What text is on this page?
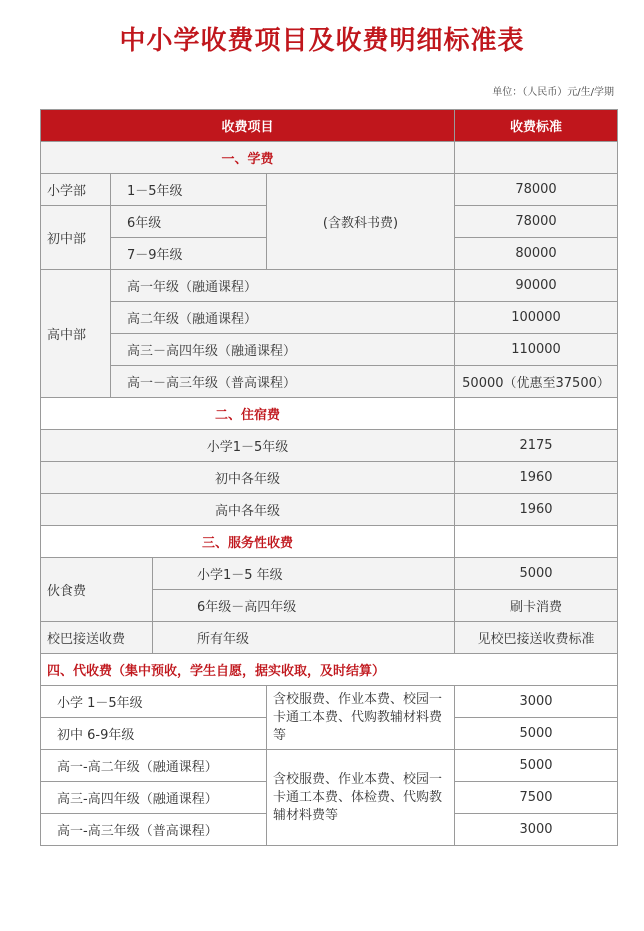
中小学收费项目及收费明细标准表
单位：（人民币）元/生/学期
收费项目				收费标准
一、学费				
小学部	1－5年级		(含教科书费)	78000
初中部	6年级			78000
	7－9年级			80000
高中部	高一年级（融通课程）			90000
	高二年级（融通课程）			100000
	高三－高四年级（融通课程）			110000
	高一－高三年级（普高课程）			50000（优惠至37500）
二、住宿费				
小学1－5年级				2175
初中各年级				1960
高中各年级				1960
三、服务性收费				
伙食费		小学1－5 年级		5000
		6年级－高四年级		刷卡消费
校巴接送收费		所有年级		见校巴接送收费标准
四、代收费（集中预收，学生自愿，据实收取，及时结算）				
小学 1－5年级			含校服费、作业本费、校园一卡通工本费、代购教辅材料费等	3000
初中 6-9年级				5000
高一-高二年级（融通课程）			含校服费、作业本费、校园一卡通工本费、体检费、代购教辅材料费等	5000
高三-高四年级（融通课程）				7500
高一-高三年级（普高课程）				3000
